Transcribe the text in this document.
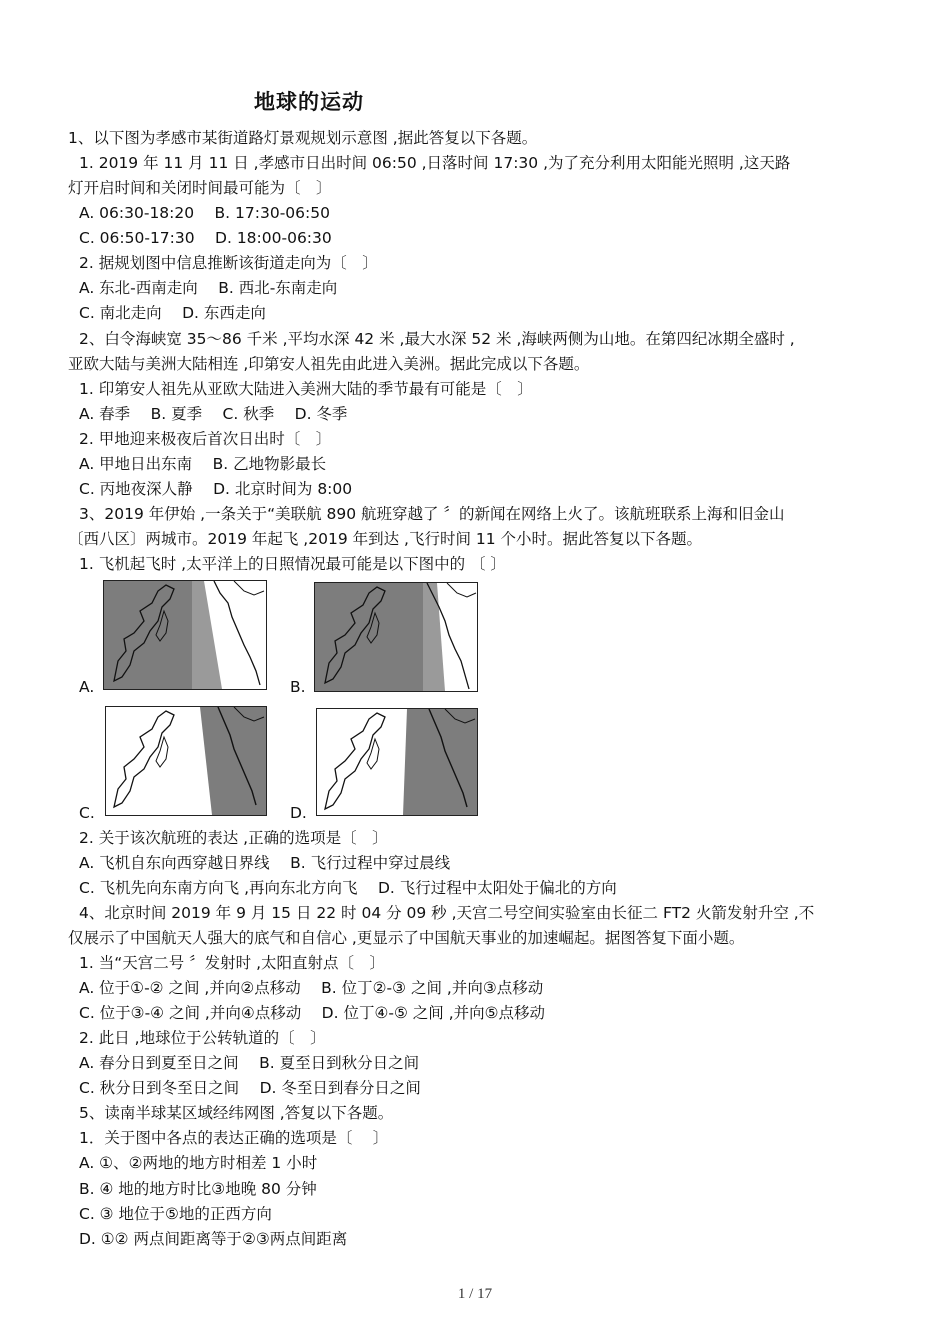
地球的运动
1、以下图为孝感市某街道路灯景观规划示意图 ,据此答复以下各题。
1. 2019 年 11 月 11 日 ,孝感市日出时间 06:50 ,日落时间 17:30 ,为了充分利用太阳能光照明 ,这天路
灯开启时间和关闭时间最可能为〔　〕
A. 06:30-18:20　 B. 17:30-06:50
C. 06:50-17:30　 D. 18:00-06:30
2. 据规划图中信息推断该街道走向为〔　〕
A. 东北-西南走向　 B. 西北-东南走向
C. 南北走向　 D. 东西走向
2、白令海峡宽 35～86 千米 ,平均水深 42 米 ,最大水深 52 米 ,海峡两侧为山地。在第四纪冰期全盛时 ,
亚欧大陆与美洲大陆相连 ,印第安人祖先由此进入美洲。据此完成以下各题。
1. 印第安人祖先从亚欧大陆进入美洲大陆的季节最有可能是〔　〕
A. 春季　 B. 夏季　 C. 秋季　 D. 冬季
2. 甲地迎来极夜后首次日出时〔　〕
A. 甲地日出东南　 B. 乙地物影最长
C. 丙地夜深人静　 D. 北京时间为 8:00
3、2019 年伊始 ,一条关于“美联航 890 航班穿越了 〞的新闻在网络上火了。该航班联系上海和旧金山
〔西八区〕两城市。2019 年起飞 ,2019 年到达 ,飞行时间 11 个小时。据此答复以下各题。
1. 飞机起飞时 ,太平洋上的日照情况最可能是以下图中的 〔 〕
A.	B.
C.	D.
2. 关于该次航班的表达 ,正确的选项是〔　〕
A. 飞机自东向西穿越日界线　 B. 飞行过程中穿过晨线
C. 飞机先向东南方向飞 ,再向东北方向飞　 D. 飞行过程中太阳处于偏北的方向
4、北京时间 2019 年 9 月 15 日 22 时 04 分 09 秒 ,天宫二号空间实验室由长征二 FT2 火箭发射升空 ,不
仅展示了中国航天人强大的底气和自信心 ,更显示了中国航天事业的加速崛起。据图答复下面小题。
1. 当“天宫二号 〞发射时 ,太阳直射点〔　〕
A. 位于①-② 之间 ,并向②点移动　 B. 位丁②-③ 之间 ,并向③点移动
C. 位于③-④ 之间 ,并向④点移动　 D. 位丁④-⑤ 之间 ,并向⑤点移动
2. 此日 ,地球位于公转轨道的〔　〕
A. 春分日到夏至日之间　 B. 夏至日到秋分日之间
C. 秋分日到冬至日之间　 D. 冬至日到春分日之间
5、读南半球某区域经纬网图 ,答复以下各题。
1．关于图中各点的表达正确的选项是〔　 〕
A. ①、②两地的地方时相差 1 小时
B. ④ 地的地方时比③地晚 80 分钟
C. ③ 地位于⑤地的正西方向
D. ①② 两点间距离等于②③两点间距离
1 / 17
